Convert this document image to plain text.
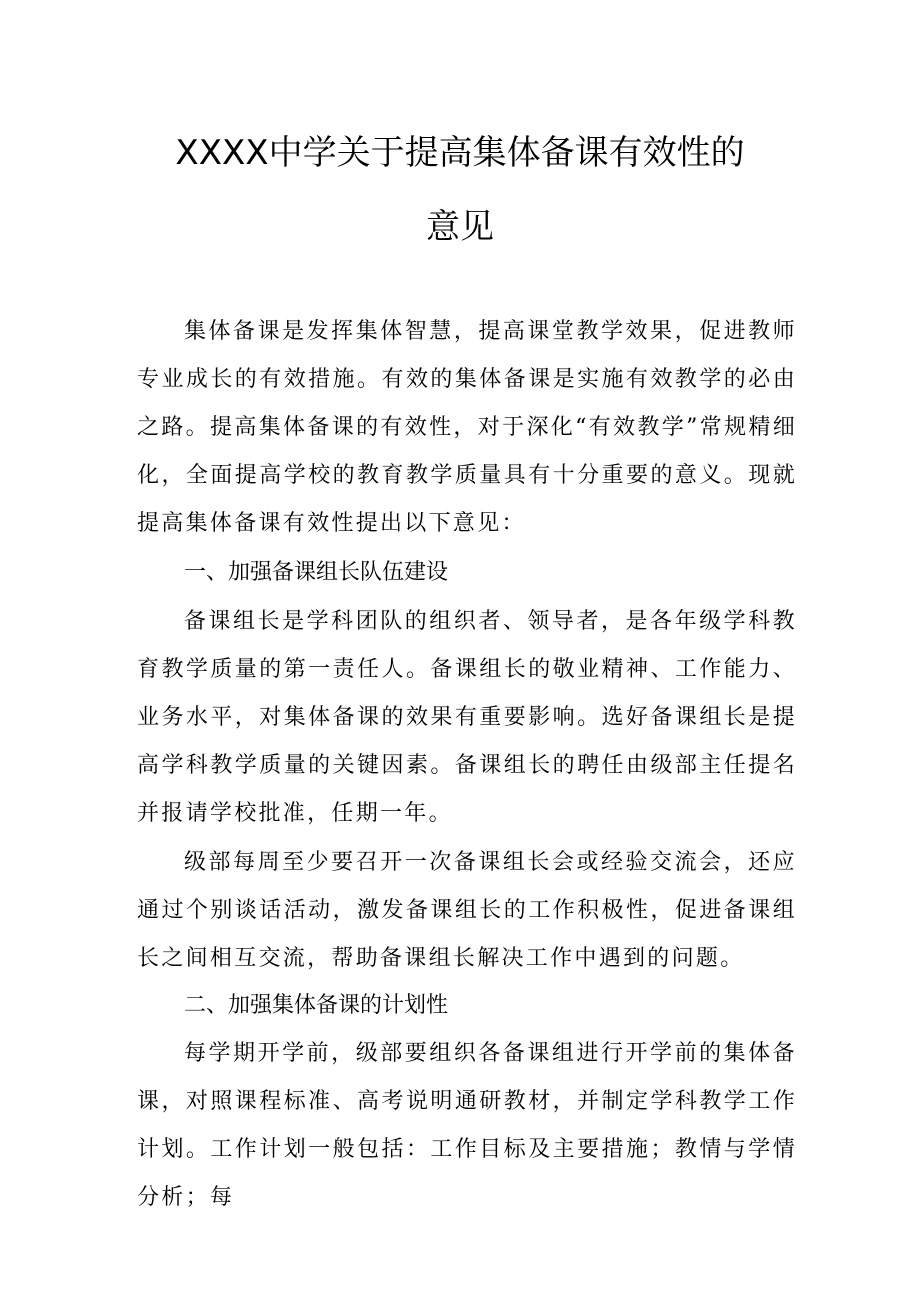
XXXX中学关于提高集体备课有效性的
意见

集体备课是发挥集体智慧，提高课堂教学效果，促进教师专业成长的有效措施。有效的集体备课是实施有效教学的必由之路。提高集体备课的有效性，对于深化“有效教学”常规精细化，全面提高学校的教育教学质量具有十分重要的意义。现就提高集体备课有效性提出以下意见：

一、加强备课组长队伍建设

备课组长是学科团队的组织者、领导者，是各年级学科教育教学质量的第一责任人。备课组长的敬业精神、工作能力、业务水平，对集体备课的效果有重要影响。选好备课组长是提高学科教学质量的关键因素。备课组长的聘任由级部主任提名并报请学校批准，任期一年。

级部每周至少要召开一次备课组长会或经验交流会，还应通过个别谈话活动，激发备课组长的工作积极性，促进备课组长之间相互交流，帮助备课组长解决工作中遇到的问题。

二、加强集体备课的计划性

每学期开学前，级部要组织各备课组进行开学前的集体备课，对照课程标准、高考说明通研教材，并制定学科教学工作计划。工作计划一般包括：工作目标及主要措施；教情与学情分析；每
